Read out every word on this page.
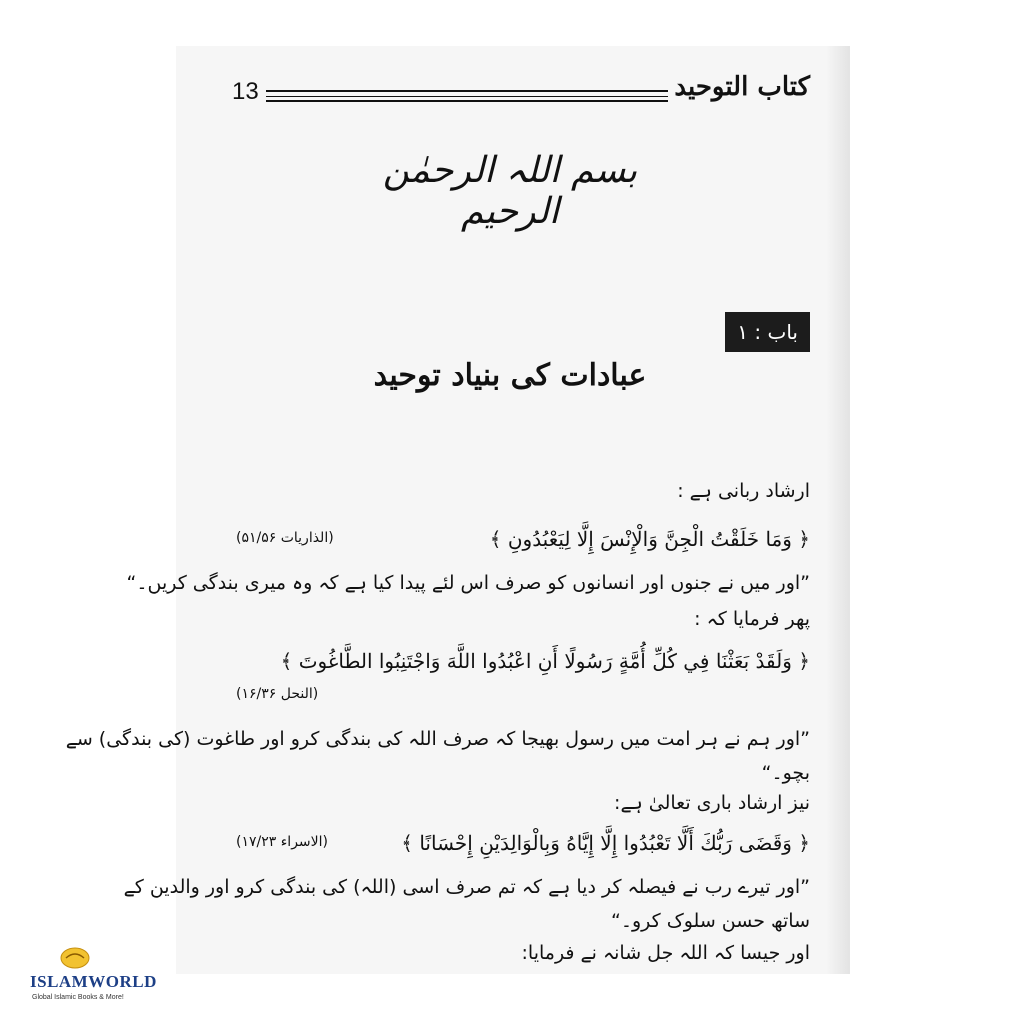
کتاب التوحید
13
بسم اللہ الرحمٰن الرحیم
باب : ۱
عبادات کی بنیاد توحید
ارشاد ربانی ہے :
﴿ وَمَا خَلَقْتُ الْجِنَّ وَالْإِنْسَ إِلَّا لِيَعْبُدُونِ ﴾
(الذاریات ۵۱/۵۶)
”اور میں نے جنوں اور انسانوں کو صرف اس لئے پیدا کیا ہے کہ وہ میری بندگی کریں۔“
پھر فرمایا کہ :
﴿ وَلَقَدْ بَعَثْنَا فِي كُلِّ أُمَّةٍ رَسُولًا أَنِ اعْبُدُوا اللَّهَ وَاجْتَنِبُوا الطَّاغُوتَ ﴾
(النحل ۱۶/۳۶)
”اور ہم نے ہر امت میں رسول بھیجا کہ صرف اللہ کی بندگی کرو اور طاغوت (کی بندگی) سے
بچو۔“
نیز ارشاد باری تعالیٰ ہے:
﴿ وَقَضَى رَبُّكَ أَلَّا تَعْبُدُوا إِلَّا إِيَّاهُ وَبِالْوَالِدَيْنِ إِحْسَانًا ﴾
(الاسراء ۱۷/۲۳)
”اور تیرے رب نے فیصلہ کر دیا ہے کہ تم صرف اسی (اللہ) کی بندگی کرو اور والدین کے
ساتھ حسن سلوک کرو۔“
اور جیسا کہ اللہ جل شانہ نے فرمایا:
ISLAMWORLD
Global Islamic Books & More!
